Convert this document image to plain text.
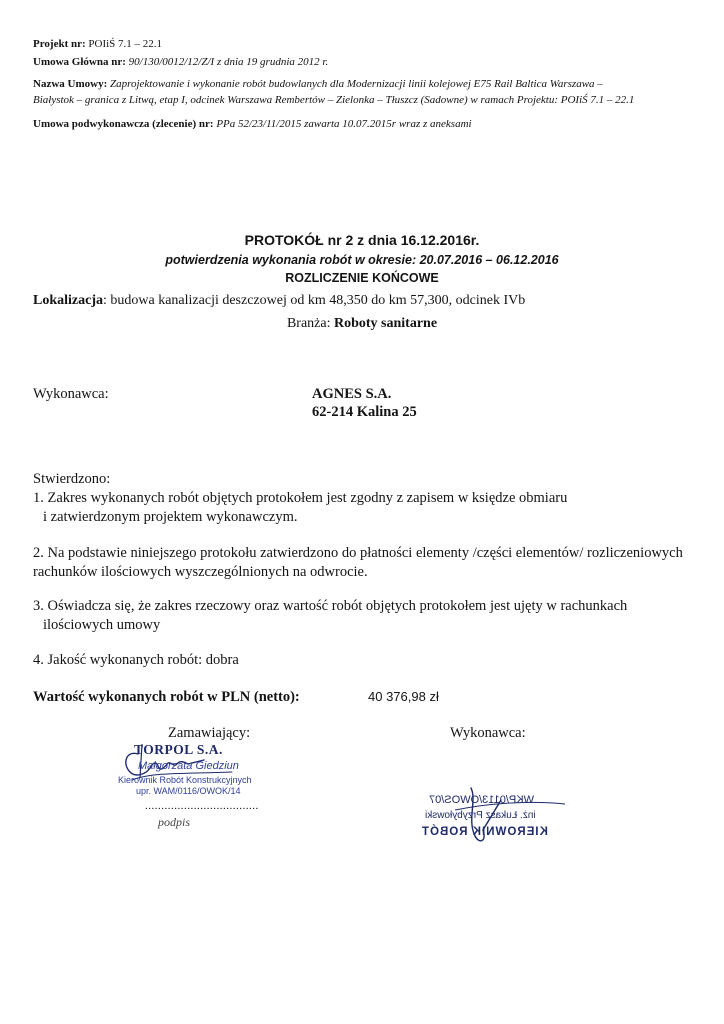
Projekt nr: POIiŚ 7.1 – 22.1
Umowa Główna nr: 90/130/0012/12/Z/I z dnia 19 grudnia 2012 r.
Nazwa Umowy: Zaprojektowanie i wykonanie robót budowlanych dla Modernizacji linii kolejowej E75 Rail Baltica Warszawa –
Białystok – granica z Litwą, etap I, odcinek Warszawa Rembertów – Zielonka – Tłuszcz (Sadowne) w ramach Projektu: POIiŚ 7.1 – 22.1
Umowa podwykonawcza (zlecenie) nr: PPa 52/23/11/2015 zawarta 10.07.2015r wraz z aneksami
PROTOKÓŁ nr 2 z dnia 16.12.2016r.
potwierdzenia wykonania robót w okresie: 20.07.2016 – 06.12.2016
ROZLICZENIE KOŃCOWE
Lokalizacja: budowa kanalizacji deszczowej od km 48,350 do km 57,300, odcinek IVb
Branża: Roboty sanitarne
Wykonawca:	AGNES S.A.
62-214 Kalina 25
Stwierdzono:
1. Zakres wykonanych robót objętych protokołem jest zgodny z zapisem w księdze obmiaru
i zatwierdzonym projektem wykonawczym.
2. Na podstawie niniejszego protokołu zatwierdzono do płatności elementy /części elementów/ rozliczeniowych
rachunków ilościowych wyszczególnionych na odwrocie.
3. Oświadcza się, że zakres rzeczowy oraz wartość robót objętych protokołem jest ujęty w rachunkach
ilościowych umowy
4. Jakość wykonanych robót: dobra
Wartość wykonanych robót w PLN (netto):	40 376,98 zł
Zamawiający:	Wykonawca:
TORPOL S.A.
Małgorzata Giedziun
Kierownik Robót Konstrukcyjnych
upr. WAM/0116/OWOK/14
...................................
podpis
KIEROWNIK ROBÓT
inż. Łukasz Przybyłowski
WKP/0113/OWOS/07
